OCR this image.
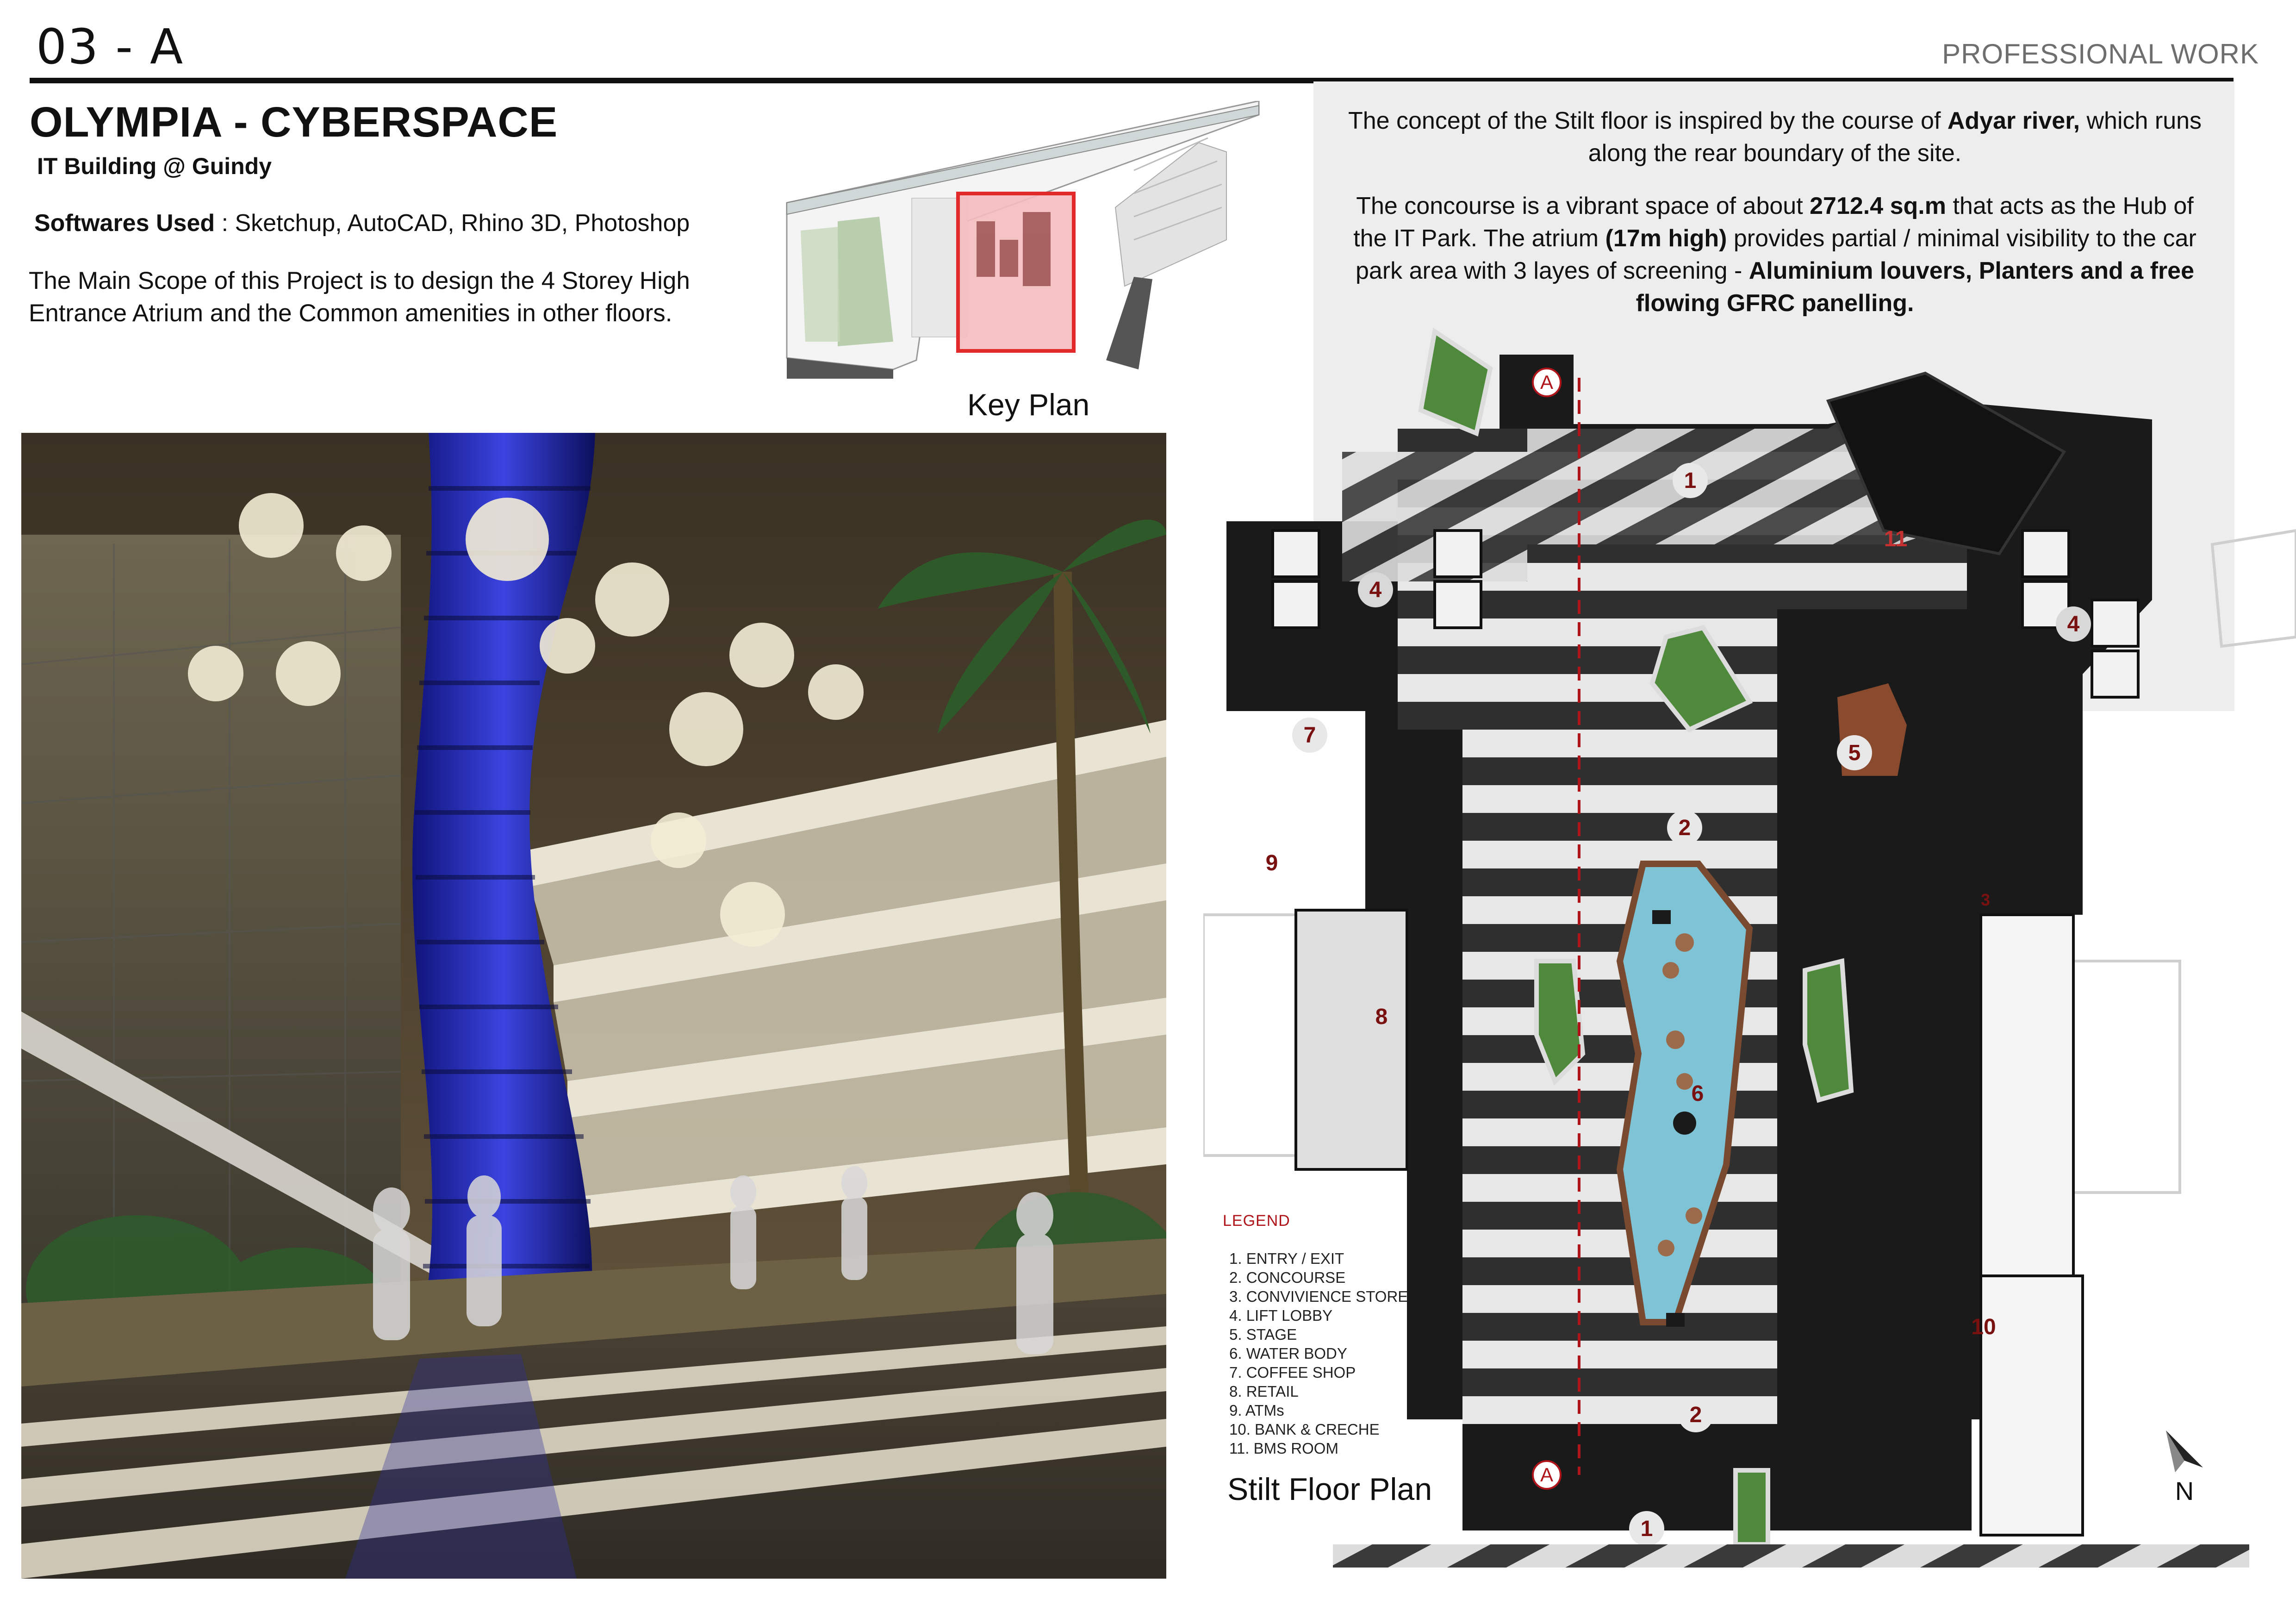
03 - A	PROFESSIONAL WORK
OLYMPIA - CYBERSPACE
IT Building @ Guindy
Softwares Used : Sketchup, AutoCAD, Rhino 3D, Photoshop
The Main Scope of this Project is to design the 4 Storey High Entrance Atrium and the Common amenities in other floors.
Key Plan
The concept of the Stilt floor is inspired by the course of Adyar river, which runs along the rear boundary of the site.
The concourse is a vibrant space of about 2712.4 sq.m that acts as the Hub of the IT Park. The atrium (17m high) provides partial / minimal visibility to the car park area with 3 layes of screening - Aluminium louvers, Planters and a free flowing GFRC panelling.
A
A
1
1
2
2
3
4
4
5
6
7
8
9
10
11
LEGEND
1. ENTRY / EXIT
2. CONCOURSE
3. CONVIVIENCE STORE
4. LIFT LOBBY
5. STAGE
6. WATER BODY
7. COFFEE SHOP
8. RETAIL
9. ATMs
10. BANK & CRECHE
11. BMS ROOM
Stilt Floor Plan	N
